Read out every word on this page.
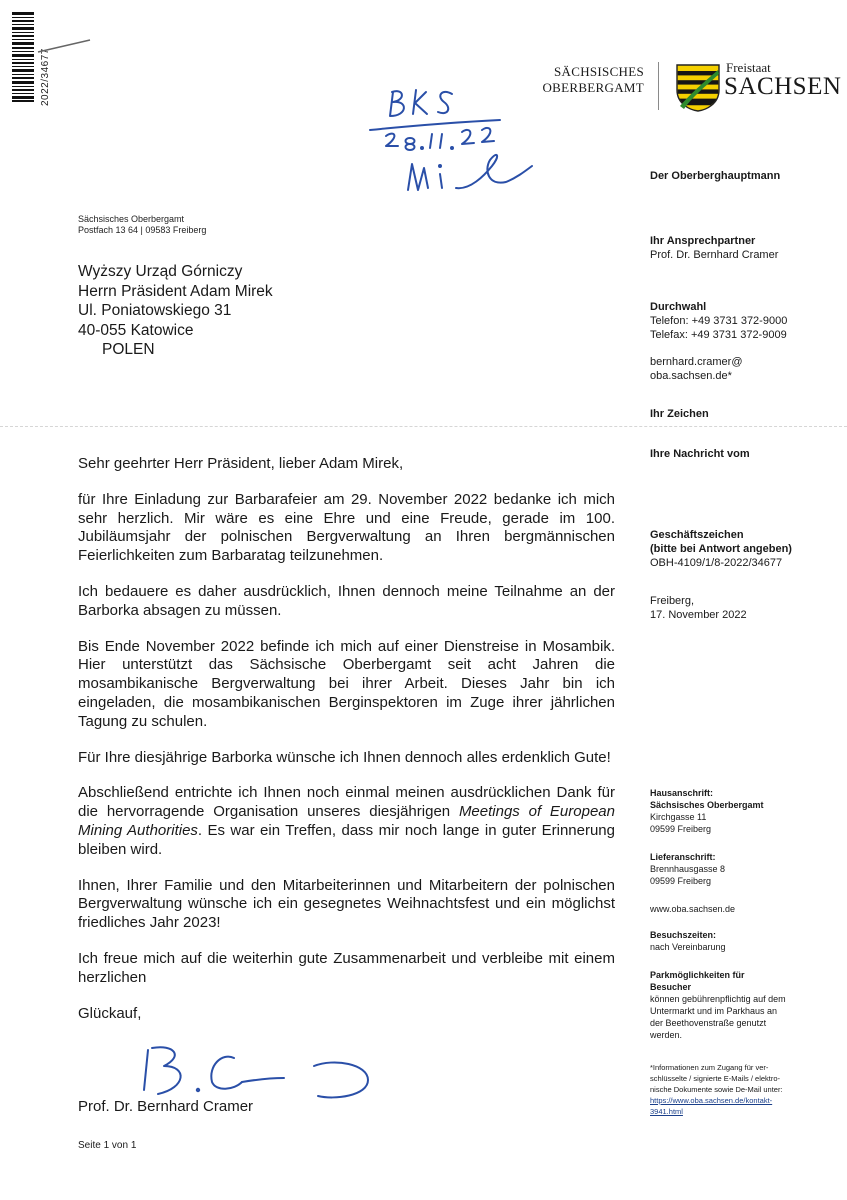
2022/34677	SÄCHSISCHES
OBERBERGAMT
Freistaat
SACHSEN
Sächsisches Oberbergamt
Postfach 13 64 | 09583 Freiberg
Wyższy Urząd Górniczy
Herrn Präsident Adam Mirek
Ul. Poniatowskiego 31
40-055 Katowice
POLEN
Der Oberberghauptmann
Ihr Ansprechpartner
Prof. Dr. Bernhard Cramer
Durchwahl
Telefon: +49 3731 372-9000
Telefax: +49 3731 372-9009
bernhard.cramer@
oba.sachsen.de*
Ihr Zeichen
Ihre Nachricht vom
Geschäftszeichen
(bitte bei Antwort angeben)
OBH-4109/1/8-2022/34677
Freiberg,
17. November 2022
Hausanschrift:
Sächsisches Oberbergamt
Kirchgasse 11
09599 Freiberg
Lieferanschrift:
Brennhausgasse 8
09599 Freiberg
www.oba.sachsen.de
Besuchszeiten:
nach Vereinbarung
Parkmöglichkeiten für
Besucher
können gebührenpflichtig auf dem
Untermarkt und im Parkhaus an
der Beethovenstraße genutzt
werden.
*Informationen zum Zugang für ver-
schlüsselte / signierte E-Mails / elektro-
nische Dokumente sowie De-Mail unter:
https://www.oba.sachsen.de/kontakt-
3941.html

Sehr geehrter Herr Präsident, lieber Adam Mirek,

für Ihre Einladung zur Barbarafeier am 29. November 2022 bedanke ich mich sehr herzlich. Mir wäre es eine Ehre und eine Freude, gerade im 100. Jubiläumsjahr der polnischen Bergverwaltung an Ihren bergmännischen Feierlichkeiten zum Barbaratag teilzunehmen.

Ich bedauere es daher ausdrücklich, Ihnen dennoch meine Teilnahme an der Barborka absagen zu müssen.

Bis Ende November 2022 befinde ich mich auf einer Dienstreise in Mosambik. Hier unterstützt das Sächsische Oberbergamt seit acht Jahren die mosambikanische Bergverwaltung bei ihrer Arbeit. Dieses Jahr bin ich eingeladen, die mosambikanischen Berginspektoren im Zuge ihrer jährlichen Tagung zu schulen.

Für Ihre diesjährige Barborka wünsche ich Ihnen dennoch alles erdenklich Gute!

Abschließend entrichte ich Ihnen noch einmal meinen ausdrücklichen Dank für die hervorragende Organisation unseres diesjährigen Meetings of European Mining Authorities. Es war ein Treffen, dass mir noch lange in guter Erinnerung bleiben wird.

Ihnen, Ihrer Familie und den Mitarbeiterinnen und Mitarbeitern der polnischen Bergverwaltung wünsche ich ein gesegnetes Weihnachtsfest und ein möglichst friedliches Jahr 2023!

Ich freue mich auf die weiterhin gute Zusammenarbeit und verbleibe mit einem herzlichen

Glückauf,

Prof. Dr. Bernhard Cramer
Seite 1 von 1
